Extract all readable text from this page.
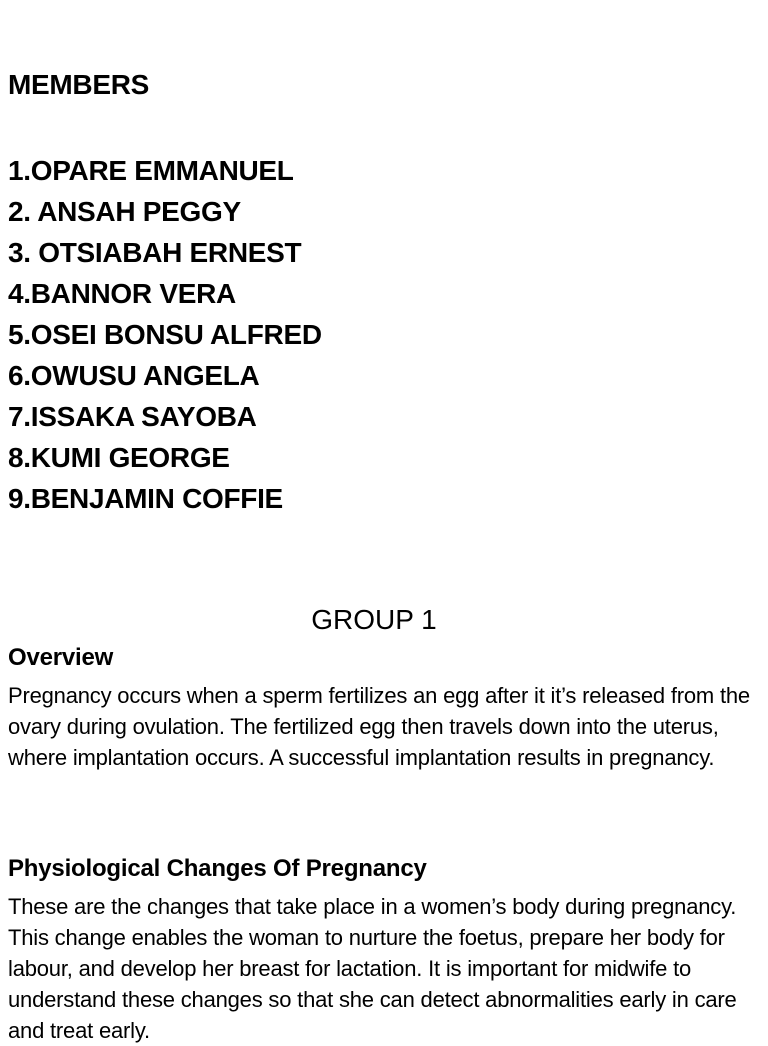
MEMBERS
1.OPARE EMMANUEL
2. ANSAH PEGGY
3. OTSIABAH ERNEST
4.BANNOR VERA
5.OSEI BONSU ALFRED
6.OWUSU ANGELA
7.ISSAKA SAYOBA
8.KUMI GEORGE
9.BENJAMIN COFFIE
GROUP 1
Overview

Pregnancy occurs when a sperm fertilizes an egg after it it’s released from the ovary during ovulation. The fertilized egg then travels down into the uterus, where implantation occurs. A successful implantation results in pregnancy.

Physiological Changes Of Pregnancy

These are the changes that take place in a women’s body during pregnancy. This change enables the woman to nurture the foetus, prepare her body for labour, and develop her breast for lactation. It is important for midwife to understand these changes so that she can detect abnormalities early in care and treat early.
